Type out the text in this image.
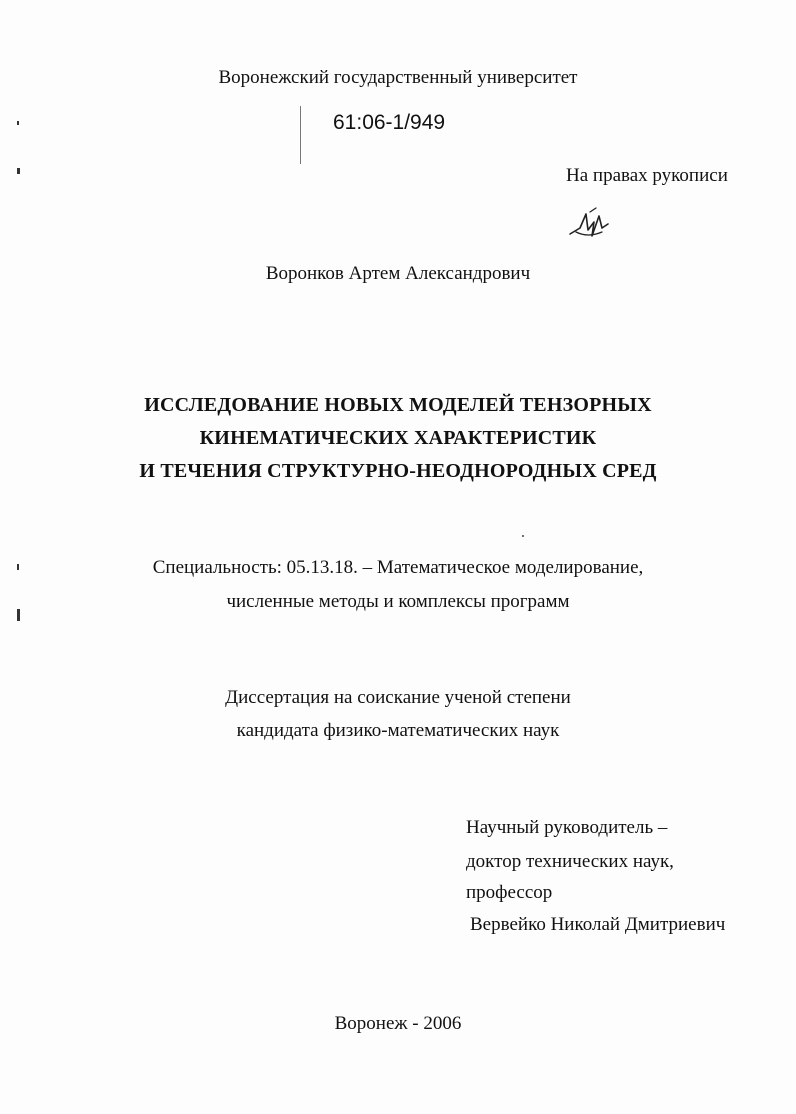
Воронежский государственный университет
61:06-1/949
На правах рукописи
Воронков Артем Александрович
ИССЛЕДОВАНИЕ НОВЫХ МОДЕЛЕЙ ТЕНЗОРНЫХ
КИНЕМАТИЧЕСКИХ ХАРАКТЕРИСТИК
И ТЕЧЕНИЯ СТРУКТУРНО-НЕОДНОРОДНЫХ СРЕД
Специальность: 05.13.18. – Математическое моделирование,
численные методы и комплексы программ
Диссертация на соискание ученой степени
кандидата физико-математических наук
Научный руководитель –
доктор технических наук,
профессор
Вервейко Николай Дмитриевич
Воронеж - 2006
